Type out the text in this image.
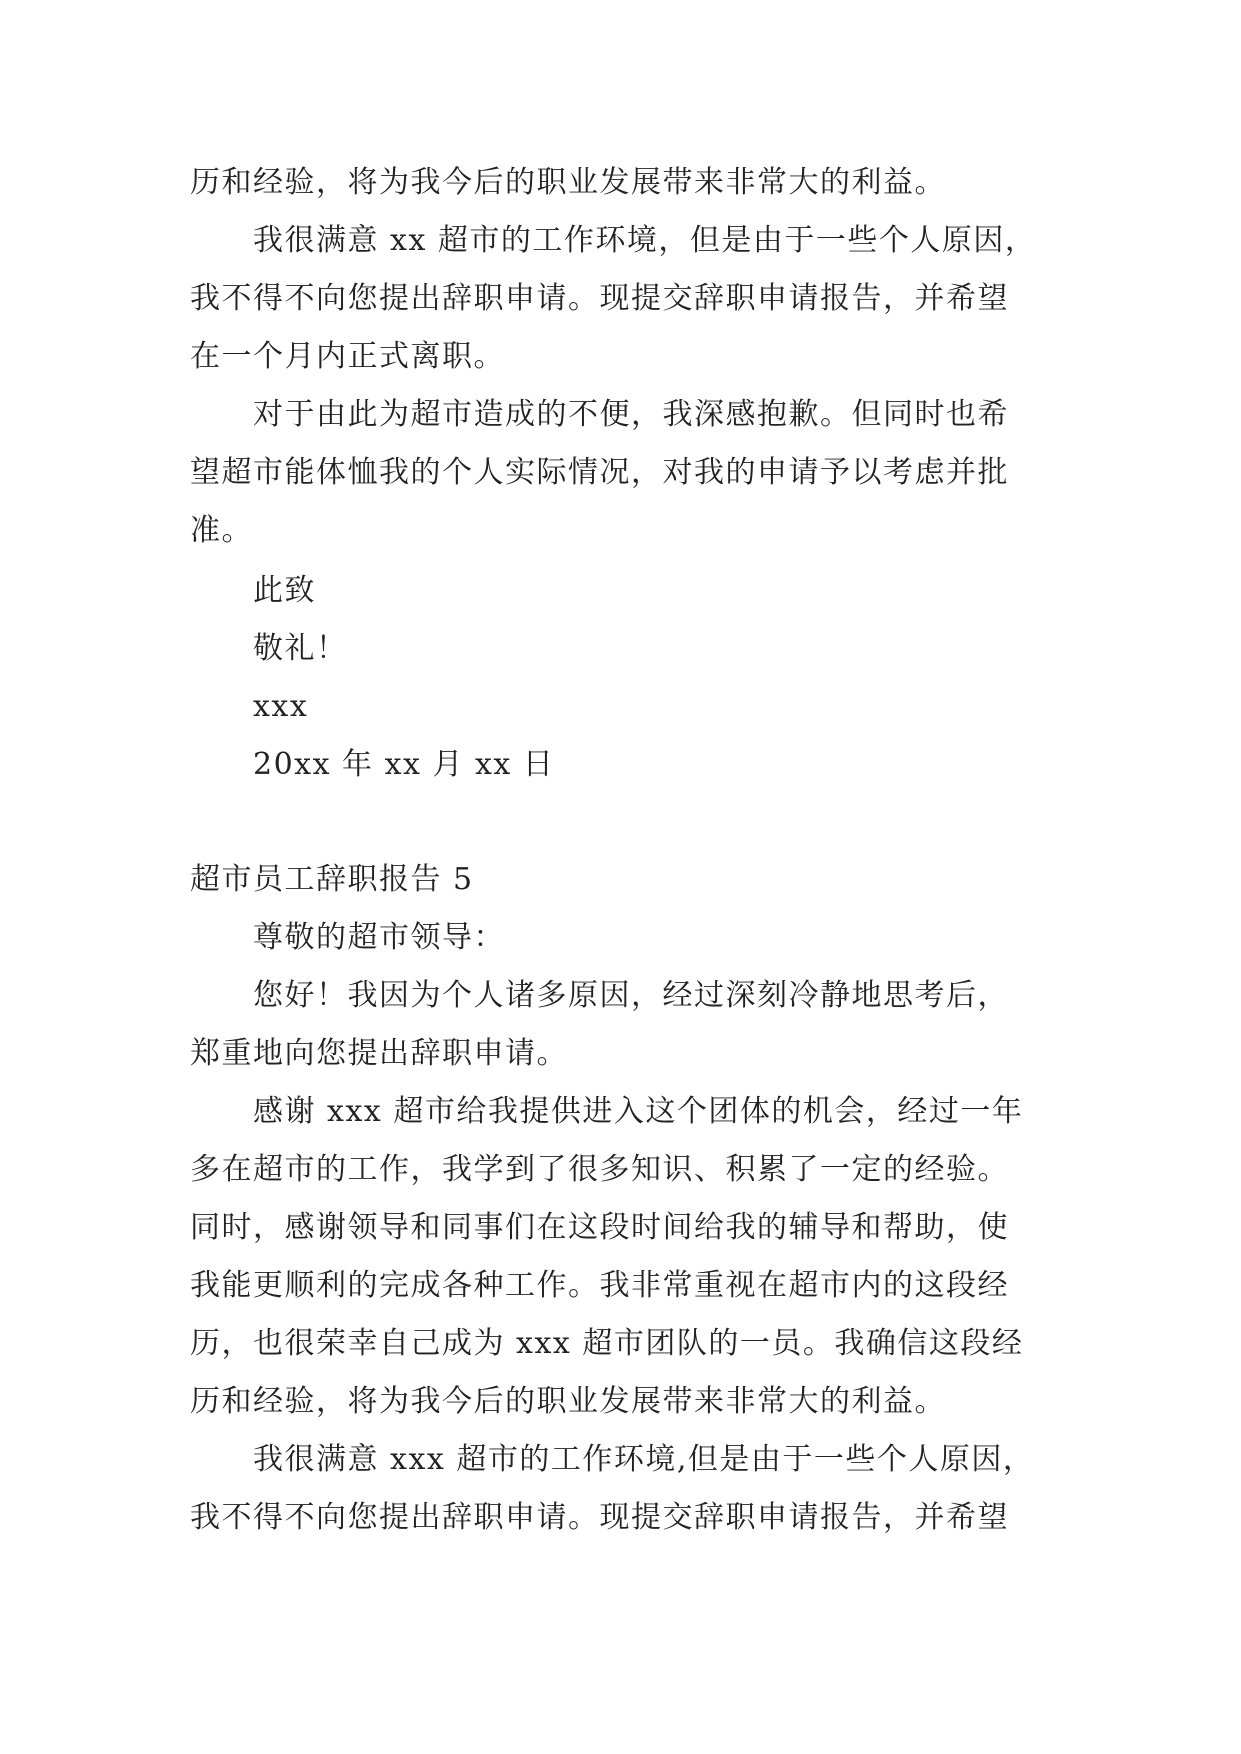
历和经验，将为我今后的职业发展带来非常大的利益。
我很满意 xx 超市的工作环境，但是由于一些个人原因，
我不得不向您提出辞职申请。现提交辞职申请报告，并希望
在一个月内正式离职。
对于由此为超市造成的不便，我深感抱歉。但同时也希
望超市能体恤我的个人实际情况，对我的申请予以考虑并批
准。
此致
敬礼！
xxx
20xx 年 xx 月 xx 日
超市员工辞职报告 5
尊敬的超市领导：
您好！我因为个人诸多原因，经过深刻冷静地思考后，
郑重地向您提出辞职申请。
感谢 xxx 超市给我提供进入这个团体的机会，经过一年
多在超市的工作，我学到了很多知识、积累了一定的经验。
同时，感谢领导和同事们在这段时间给我的辅导和帮助，使
我能更顺利的完成各种工作。我非常重视在超市内的这段经
历，也很荣幸自己成为 xxx 超市团队的一员。我确信这段经
历和经验，将为我今后的职业发展带来非常大的利益。
我很满意 xxx 超市的工作环境,但是由于一些个人原因，
我不得不向您提出辞职申请。现提交辞职申请报告，并希望
